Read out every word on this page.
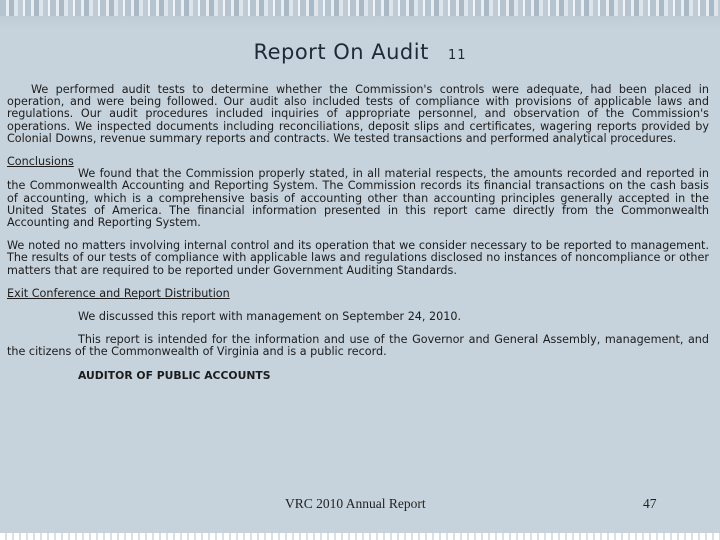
Report On Audit 11

We performed audit tests to determine whether the Commission's controls were adequate, had been placed in operation, and were being followed. Our audit also included tests of compliance with provisions of applicable laws and regulations. Our audit procedures included inquiries of appropriate personnel, and observation of the Commission's operations. We inspected documents including reconciliations, deposit slips and certificates, wagering reports provided by Colonial Downs, revenue summary reports and contracts. We tested transactions and performed analytical procedures.

Conclusions

We found that the Commission properly stated, in all material respects, the amounts recorded and reported in the Commonwealth Accounting and Reporting System. The Commission records its financial transactions on the cash basis of accounting, which is a comprehensive basis of accounting other than accounting principles generally accepted in the United States of America. The financial information presented in this report came directly from the Commonwealth Accounting and Reporting System.

We noted no matters involving internal control and its operation that we consider necessary to be reported to management. The results of our tests of compliance with applicable laws and regulations disclosed no instances of noncompliance or other matters that are required to be reported under Government Auditing Standards.

Exit Conference and Report Distribution

We discussed this report with management on September 24, 2010.

This report is intended for the information and use of the Governor and General Assembly, management, and the citizens of the Commonwealth of Virginia and is a public record.

AUDITOR OF PUBLIC ACCOUNTS

VRC 2010 Annual Report	47
